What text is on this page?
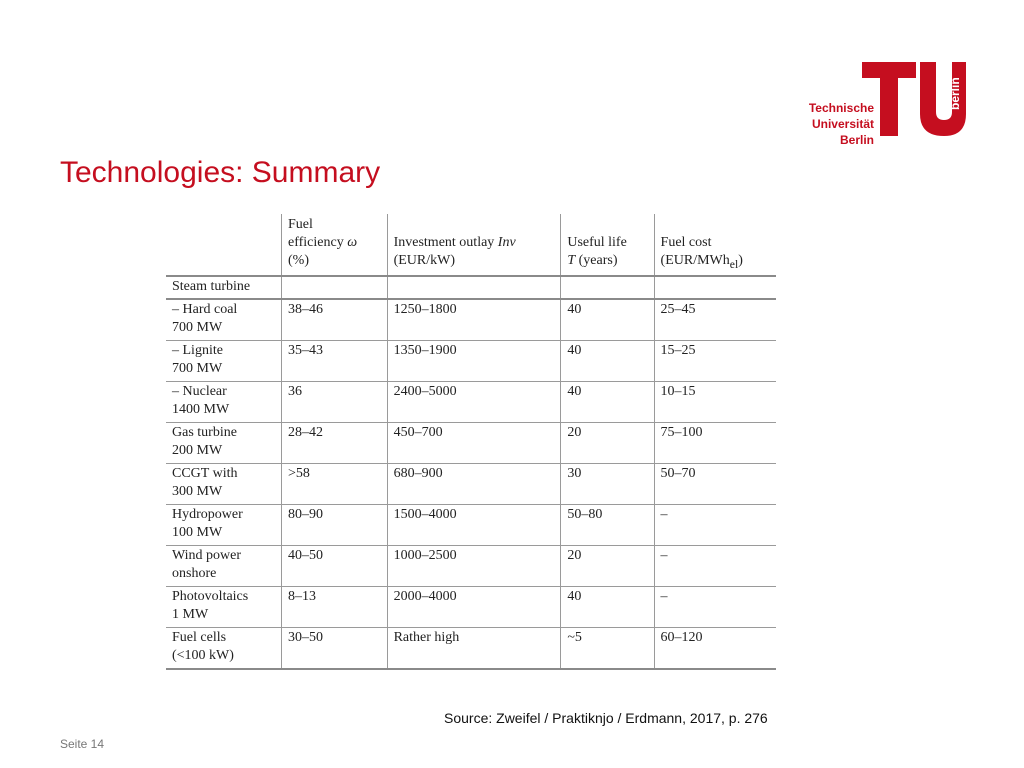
Technische
Universität
Berlin
berlin
Technologies: Summary
	Fuel
efficiency ω
(%)	Investment outlay Inv
(EUR/kW)	Useful life
T (years)	Fuel cost
(EUR/MWh$_{el}$)
Steam turbine				
– Hard coal
700 MW	38–46	1250–1800	40	25–45
– Lignite
700 MW	35–43	1350–1900	40	15–25
– Nuclear
1400 MW	36	2400–5000	40	10–15
Gas turbine
200 MW	28–42	450–700	20	75–100
CCGT with
300 MW	>58	680–900	30	50–70
Hydropower
100 MW	80–90	1500–4000	50–80	–
Wind power
onshore	40–50	1000–2500	20	–
Photovoltaics
1 MW	8–13	2000–4000	40	–
Fuel cells
(<100 kW)	30–50	Rather high	~5	60–120
Source: Zweifel / Praktiknjo / Erdmann, 2017, p. 276
Seite 14
